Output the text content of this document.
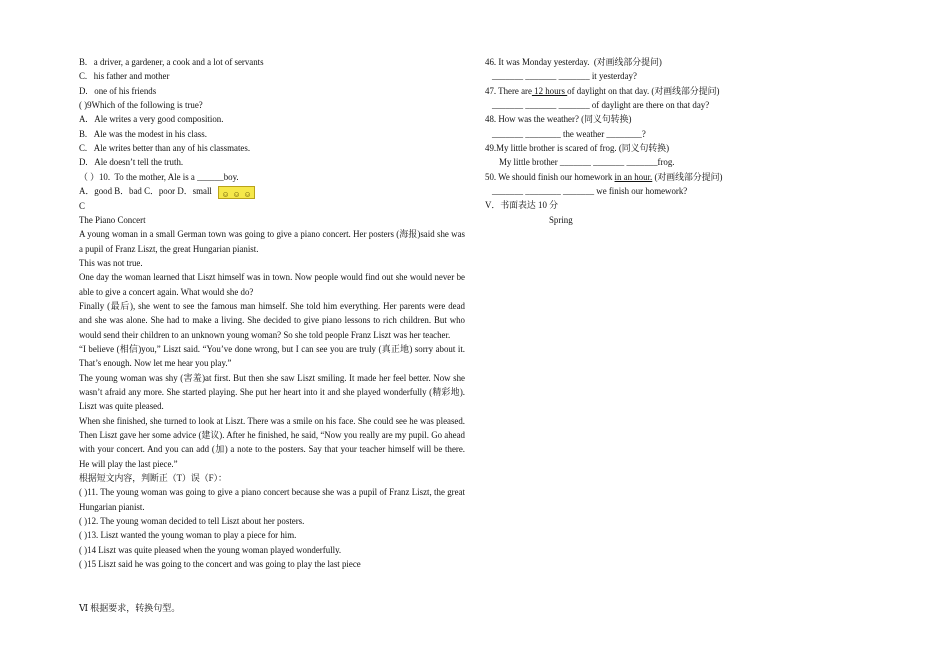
B.   a driver, a gardener, a cook and a lot of servants
C.   his father and mother
D.   one of his friends
( )9Which of the following is true?
A.   Ale writes a very good composition.
B.   Ale was the modest in his class.
C.   Ale writes better than any of his classmates.
D.   Ale doesn’t tell the truth.
（ ）10.  To the mother, Ale is a ______boy.
A．good B．bad C．poor D．small ☺ ☺ ☺
C
The Piano Concert
A young woman in a small German town was going to give a piano concert. Her posters (海报)said she was a pupil of Franz Liszt, the great Hungarian pianist.
This was not true.
One day the woman learned that Liszt himself was in town. Now people would find out she would never be able to give a concert again. What would she do?
Finally (最后), she went to see the famous man himself. She told him everything. Her parents were dead and she was alone. She had to make a living. She decided to give piano lessons to rich children. But who would send their children to an unknown young woman? So she told people Franz Liszt was her teacher.
“I believe (相信)you,” Liszt said. “You’ve done wrong, but I can see you are truly (真正地) sorry about it. That’s enough. Now let me hear you play.”
The young woman was shy (害羞)at first. But then she saw Liszt smiling. It made her feel better. Now she wasn’t afraid any more. She started playing. She put her heart into it and she played wonderfully (精彩地). Liszt was quite pleased.
When she finished, she turned to look at Liszt. There was a smile on his face. She could see he was pleased. Then Liszt gave her some advice (建议). After he finished, he said, “Now you really are my pupil. Go ahead with your concert. And you can add (加) a note to the posters. Say that your teacher himself will be there. He will play the last piece.”
根据短文内容，判断正（T）误（F）：
( )11. The young woman was going to give a piano concert because she was a pupil of Franz Liszt, the great Hungarian pianist.
( )12. The young woman decided to tell Liszt about her posters.
( )13. Liszt wanted the young woman to play a piece for him.
( )14 Liszt was quite pleased when the young woman played wonderfully.
( )15 Liszt said he was going to the concert and was going to play the last piece
46. It was Monday yesterday.  (对画线部分提问)
_______ _______ _______ it yesterday?
47. There are 12 hours of daylight on that day. (对画线部分提问)
_______ _______ _______ of daylight are there on that day?
48. How was the weather? (同义句转换)
_______ ________ the weather ________?
49.My little brother is scared of frog. (同义句转换)
My little brother _______ _______ _______frog.
50. We should finish our homework in an hour. (对画线部分提问)
_______ ________ _______ we finish our homework?
V．书面表达 10 分
Spring
Ⅵ 根据要求，转换句型。
